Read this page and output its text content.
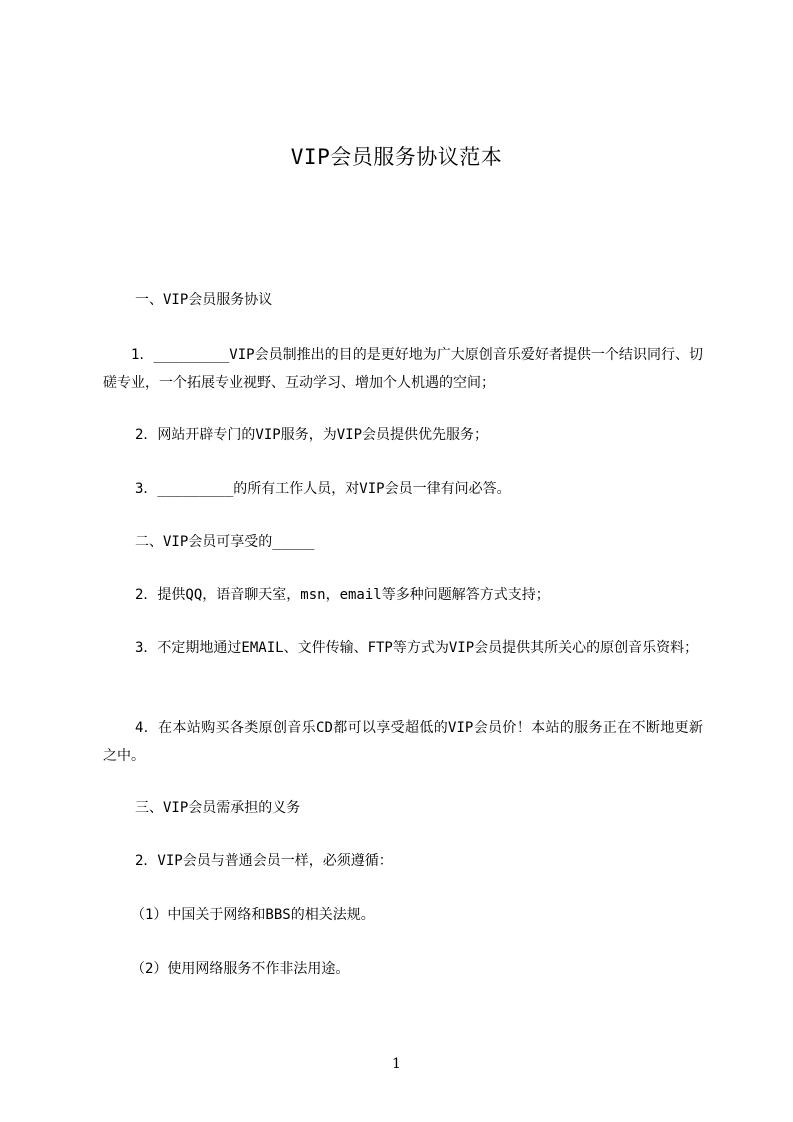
VIP会员服务协议范本
一、VIP会员服务协议
1．_________VIP会员制推出的目的是更好地为广大原创音乐爱好者提供一个结识同行、切磋专业，一个拓展专业视野、互动学习、增加个人机遇的空间；
2．网站开辟专门的VIP服务，为VIP会员提供优先服务；
3．_________的所有工作人员，对VIP会员一律有问必答。
二、VIP会员可享受的_____
2．提供QQ，语音聊天室，msn，email等多种问题解答方式支持；
3．不定期地通过EMAIL、文件传输、FTP等方式为VIP会员提供其所关心的原创音乐资料；
4．在本站购买各类原创音乐CD都可以享受超低的VIP会员价！本站的服务正在不断地更新之中。
三、VIP会员需承担的义务
2．VIP会员与普通会员一样，必须遵循：
（1）中国关于网络和BBS的相关法规。
（2）使用网络服务不作非法用途。
1
